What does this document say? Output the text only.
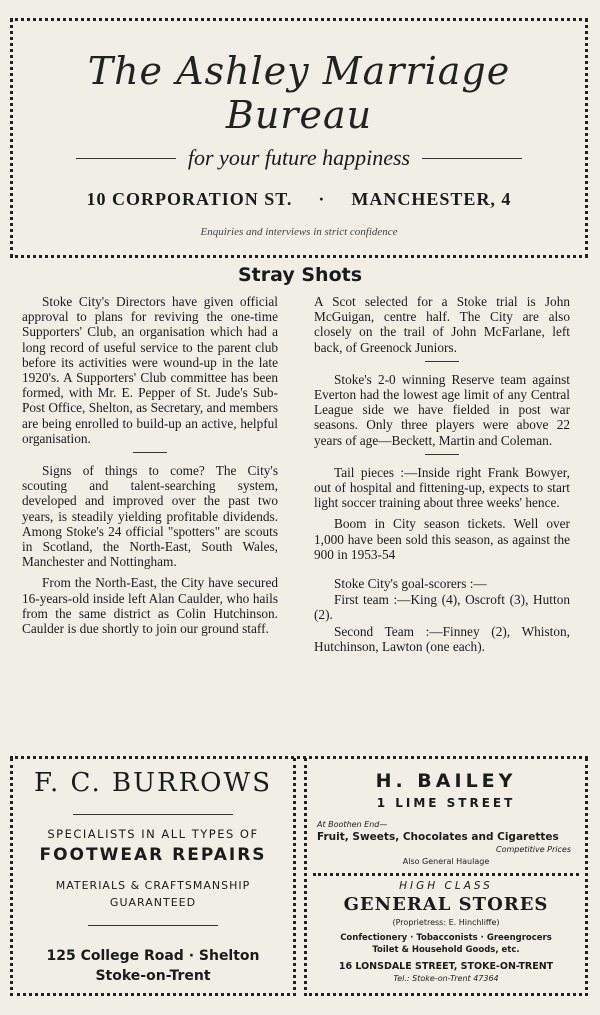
The Ashley Marriage Bureau
for your future happiness
10 CORPORATION ST. · MANCHESTER, 4
Enquiries and interviews in strict confidence
Stray Shots

Stoke City's Directors have given official approval to plans for reviving the one-time Supporters' Club, an organisation which had a long record of useful service to the parent club before its activities were wound-up in the late 1920's. A Supporters' Club committee has been formed, with Mr. E. Pepper of St. Jude's Sub-Post Office, Shelton, as Secretary, and members are being enrolled to build-up an active, helpful organisation.

Signs of things to come? The City's scouting and talent-searching system, developed and improved over the past two years, is steadily yielding profitable dividends. Among Stoke's 24 official "spotters" are scouts in Scotland, the North-East, South Wales, Manchester and Nottingham.

From the North-East, the City have secured 16-years-old inside left Alan Caulder, who hails from the same district as Colin Hutchinson. Caulder is due shortly to join our ground staff.

A Scot selected for a Stoke trial is John McGuigan, centre half. The City are also closely on the trail of John McFarlane, left back, of Greenock Juniors.

Stoke's 2-0 winning Reserve team against Everton had the lowest age limit of any Central League side we have fielded in post war seasons. Only three players were above 22 years of age—Beckett, Martin and Coleman.

Tail pieces :—Inside right Frank Bowyer, out of hospital and fittening-up, expects to start light soccer training about three weeks' hence.

Boom in City season tickets. Well over 1,000 have been sold this season, as against the 900 in 1953-54

Stoke City's goal-scorers :—

First team :—King (4), Oscroft (3), Hutton (2).

Second Team :—Finney (2), Whiston, Hutchinson, Lawton (one each).

F. C. BURROWS
SPECIALISTS IN ALL TYPES OF
FOOTWEAR REPAIRS
MATERIALS & CRAFTSMANSHIP
GUARANTEED
125 College Road · Shelton
Stoke-on-Trent
H. BAILEY
1 LIME STREET
At Boothen End—
Fruit, Sweets, Chocolates and Cigarettes
Competitive Prices
Also General Haulage
HIGH CLASS
GENERAL STORES
(Proprietress: E. Hinchliffe)
Confectionery · Tobacconists · Greengrocers
Toilet & Household Goods, etc.
16 LONSDALE STREET, STOKE-ON-TRENT
Tel.: Stoke-on-Trent 47364
